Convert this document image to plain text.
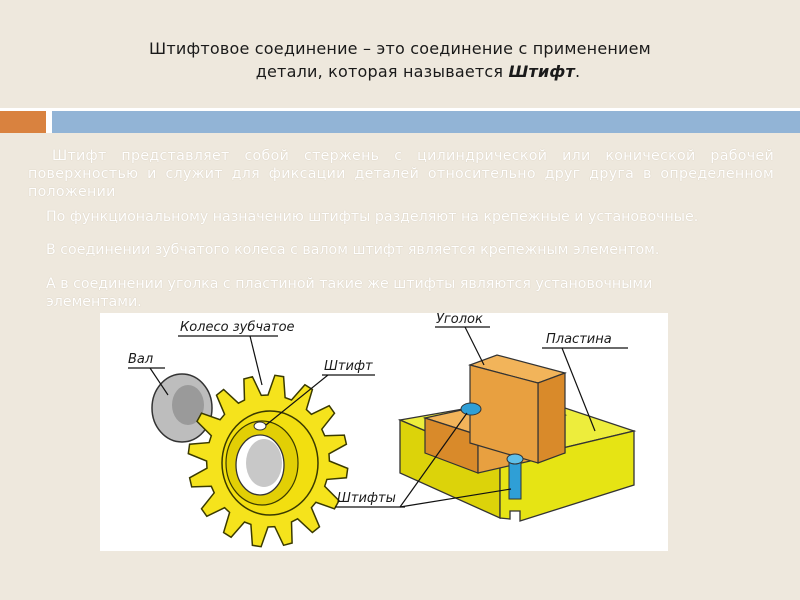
Штифтовое соединение – это соединение с применением
детали, которая называется Штифт.
Штифт представляет собой стержень с цилиндрической или конической рабочей поверхностью и служит для фиксации деталей относительно друг друга в определенном положении
По функциональному назначению штифты разделяют на крепежные и установочные.
В соединении зубчатого колеса с валом штифт является крепежным элементом.
А в соединении уголка с пластиной такие же штифты являются установочными элементами.
Колесо зубчатое
Вал	Штифт
Уголок
Пластина
Штифты
